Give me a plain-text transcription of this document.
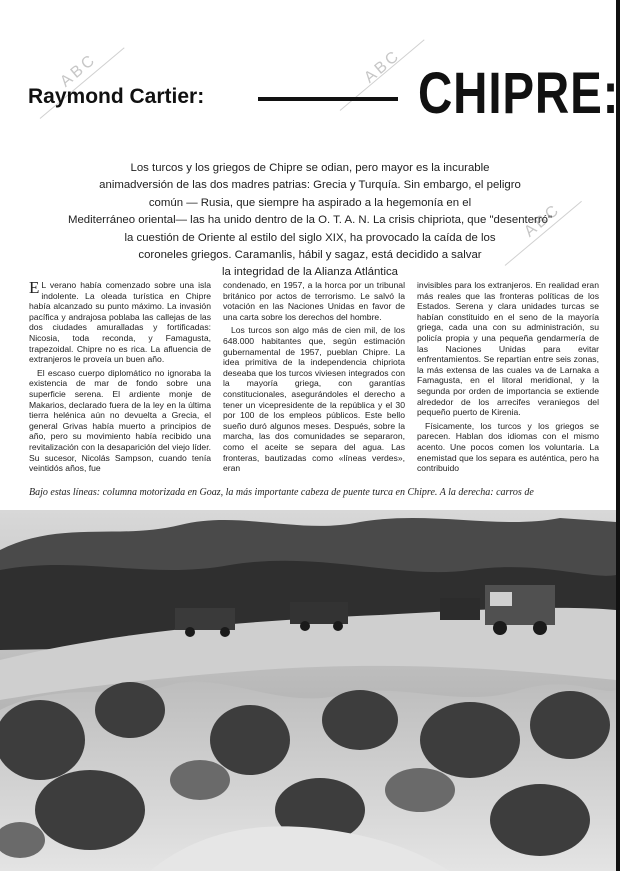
ABC	ABC
ABC
Raymond Cartier:	CHIPRE:
Los turcos y los griegos de Chipre se odian, pero mayor es la incurable
animadversión de las dos madres patrias: Grecia y Turquía. Sin embargo, el peligro
común — Rusia, que siempre ha aspirado a la hegemonía en el
Mediterráneo oriental— las ha unido dentro de la O. T. A. N. La crisis chipriota, que "desenterró"
la cuestión de Oriente al estilo del siglo XIX, ha provocado la caída de los
coroneles griegos. Caramanlis, hábil y sagaz, está decidido a salvar
la integridad de la Alianza Atlántica

E L verano había comenzado sobre una isla indolente. La oleada turística en Chipre había alcanzado su punto máximo. La invasión pacífica y andrajosa poblaba las callejas de las dos ciudades amuralladas y fortificadas: Nicosia, toda reconda, y Famagusta, trapezoidal. Chipre no es rica. La afluencia de extranjeros le proveía un buen año.

El escaso cuerpo diplomático no ignoraba la existencia de mar de fondo sobre una superficie serena. El ardiente monje de Makarios, declarado fuera de la ley en la última tierra helénica aún no devuelta a Grecia, el general Grivas había muerto a principios de año, pero su movimiento había recibido una revitalización con la desaparición del viejo líder. Su sucesor, Nicolás Sampson, cuando tenía veintidós años, fue

condenado, en 1957, a la horca por un tribunal británico por actos de terrorismo. Le salvó la votación en las Naciones Unidas en favor de una carta sobre los derechos del hombre.

Los turcos son algo más de cien mil, de los 648.000 habitantes que, según estimación gubernamental de 1957, pueblan Chipre. La idea primitiva de la independencia chipriota deseaba que los turcos viviesen integrados con la mayoría griega, con garantías constitucionales, asegurándoles el derecho a tener un vicepresidente de la república y el 30 por 100 de los empleos públicos. Este bello sueño duró algunos meses. Después, sobre la marcha, las dos comunidades se separaron, como el aceite se separa del agua. Las fronteras, bautizadas como «líneas verdes», eran

invisibles para los extranjeros. En realidad eran más reales que las fronteras políticas de los Estados. Serena y clara unidades turcas se habían constituido en el seno de la mayoría griega, cada una con su administración, su policía propia y una pequeña gendarmería de las Naciones Unidas para evitar enfrentamientos. Se repartían entre seis zonas, la más extensa de las cuales va de Larnaka a Famagusta, en el litoral meridional, y la segunda por orden de importancia se extiende alrededor de los arrecifes veraniegos del pequeño puerto de Kirenia.

Físicamente, los turcos y los griegos se parecen. Hablan dos idiomas con el mismo acento. Une pocos comen los voluntaria. La enemistad que los separa es auténtica, pero ha contribuido

Bajo estas líneas: columna motorizada en Goaz, la más importante cabeza de puente turca en Chipre. A la derecha: carros de
